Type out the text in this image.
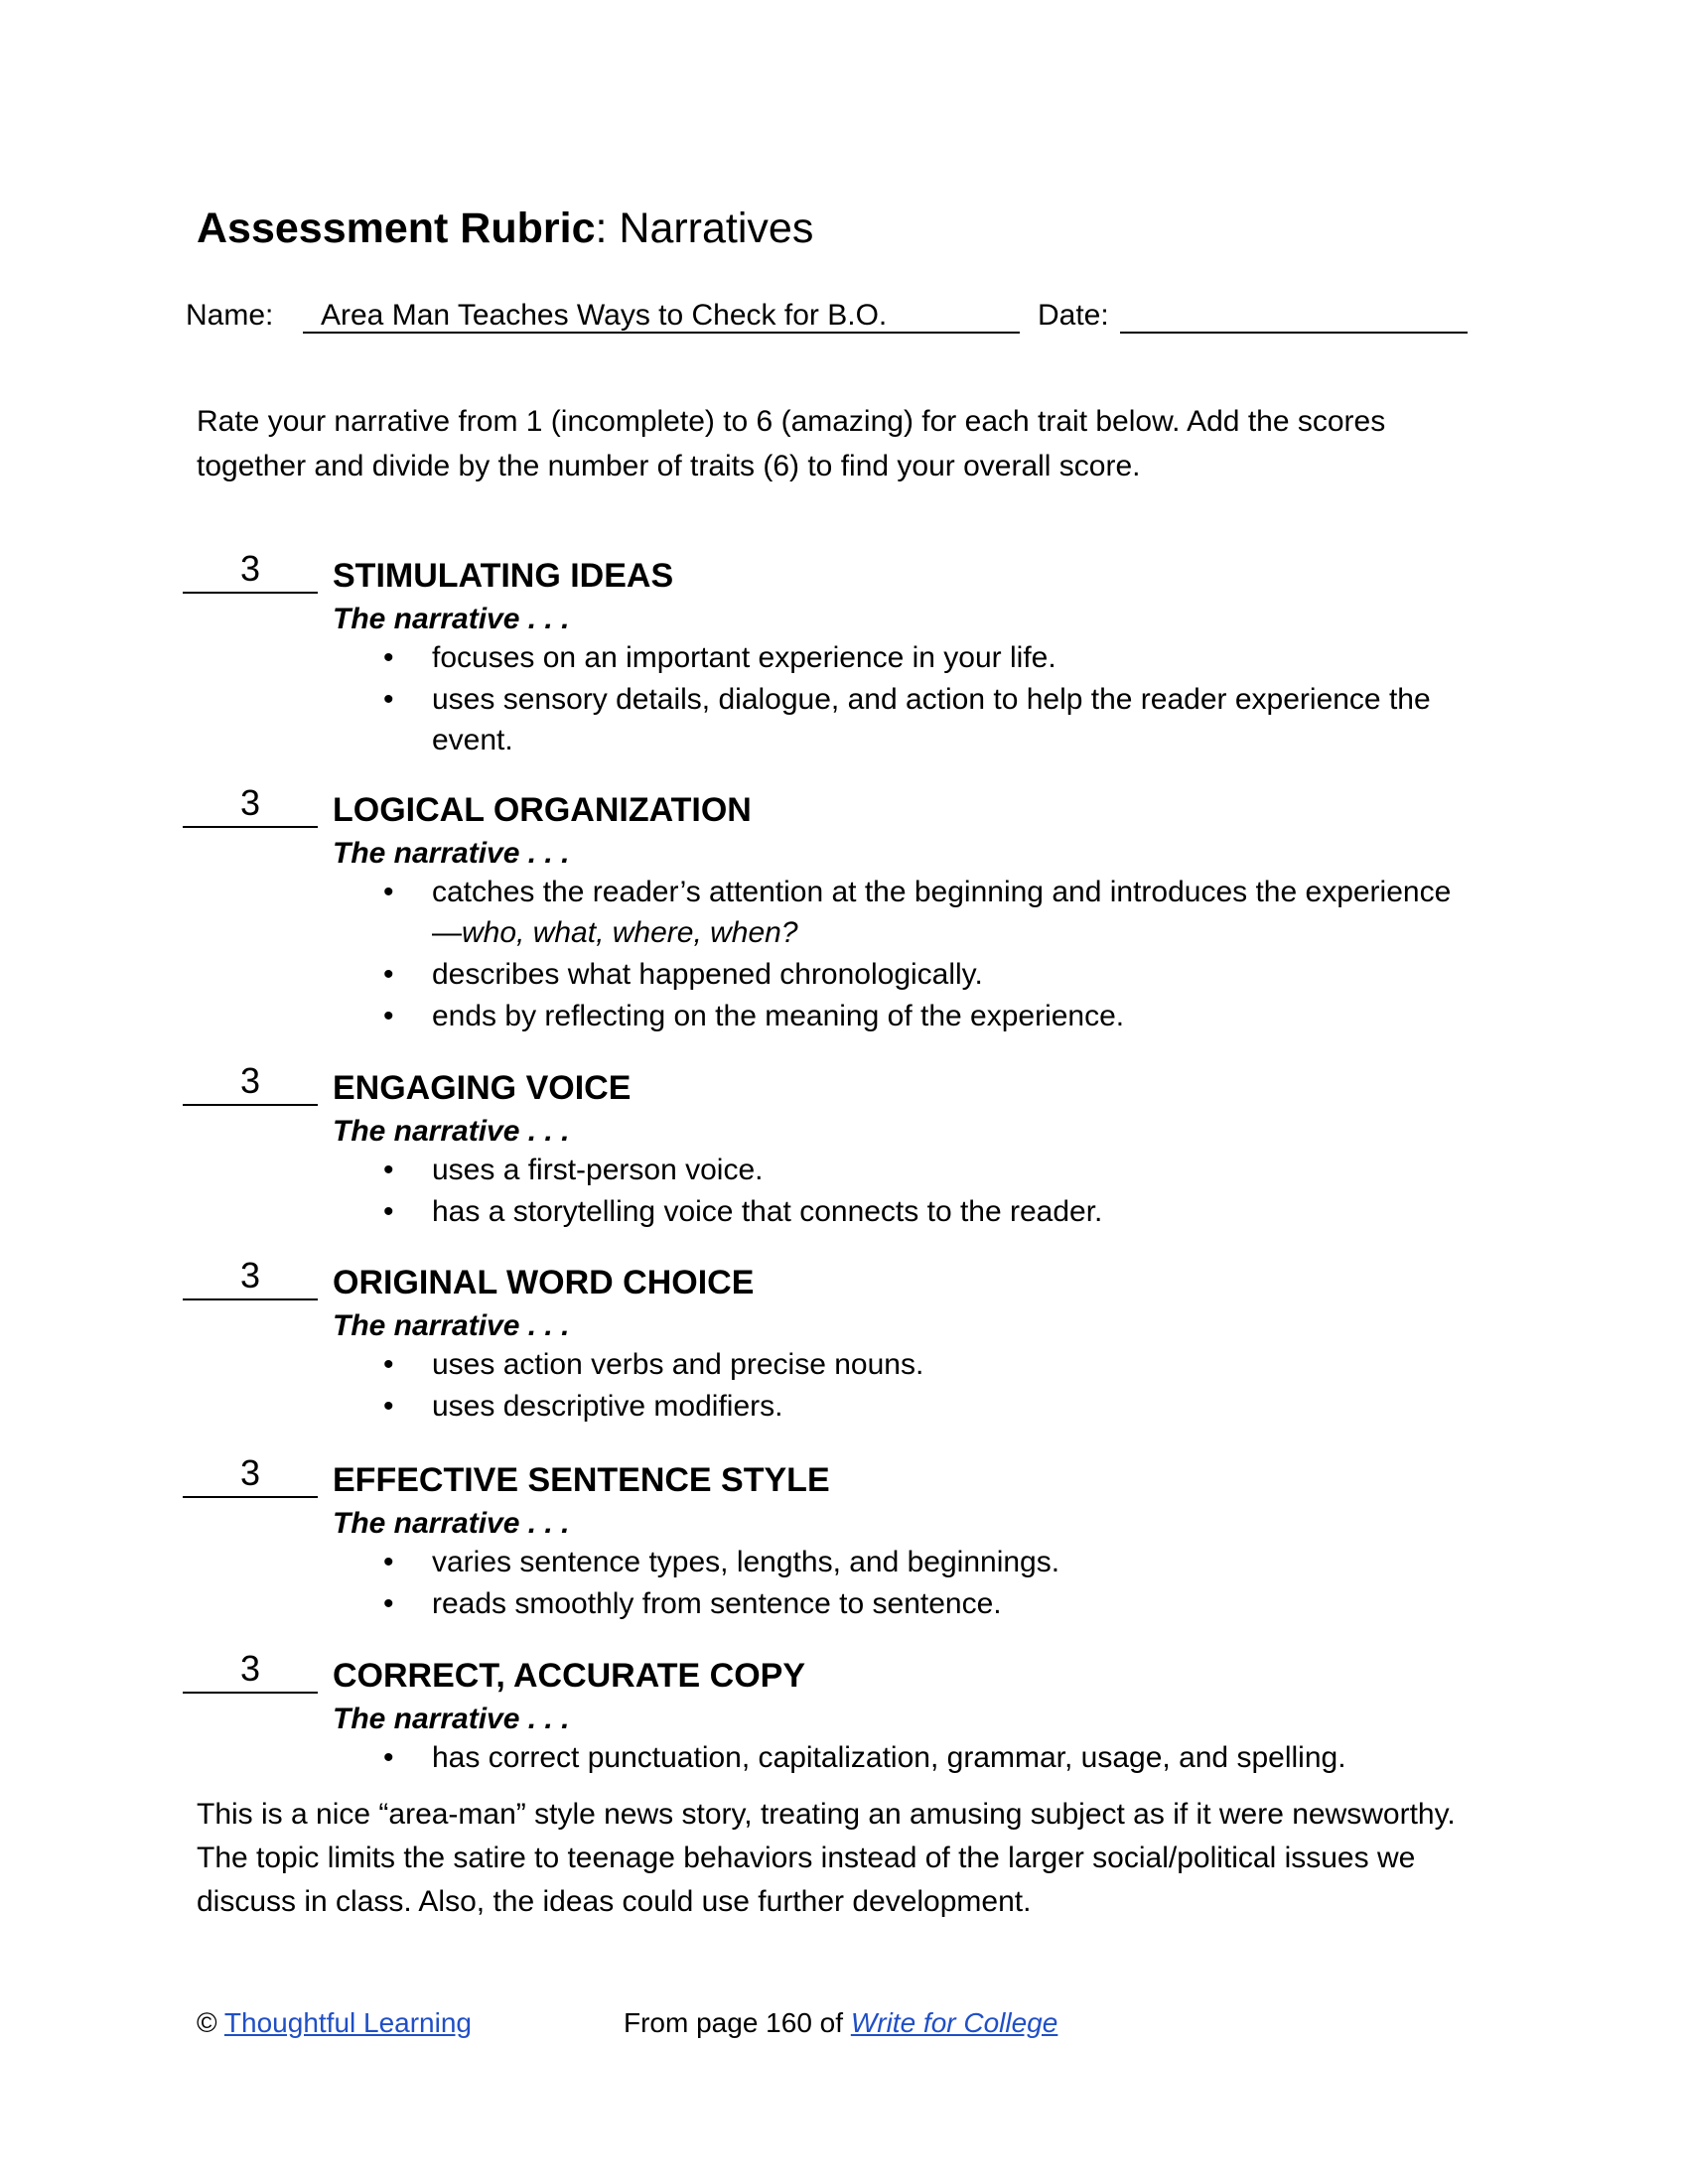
Assessment Rubric: Narratives
Name:	Area Man Teaches Ways to Check for B.O.	Date:
Rate your narrative from 1 (incomplete) to 6 (amazing) for each trait below. Add the scores together and divide by the number of traits (6) to find your overall score.
3	STIMULATING IDEAS
The narrative . . .
•
focuses on an important experience in your life.
•
uses sensory details, dialogue, and action to help the reader experience the event.
3	LOGICAL ORGANIZATION
The narrative . . .
•
catches the reader’s attention at the beginning and introduces the experience—who, what, where, when?
•
describes what happened chronologically.
•
ends by reflecting on the meaning of the experience.
3	ENGAGING VOICE
The narrative . . .
•
uses a first-person voice.
•
has a storytelling voice that connects to the reader.
3	ORIGINAL WORD CHOICE
The narrative . . .
•
uses action verbs and precise nouns.
•
uses descriptive modifiers.
3	EFFECTIVE SENTENCE STYLE
The narrative . . .
•
varies sentence types, lengths, and beginnings.
•
reads smoothly from sentence to sentence.
3	CORRECT, ACCURATE COPY
The narrative . . .
•
has correct punctuation, capitalization, grammar, usage, and spelling.
This is a nice “area-man” style news story, treating an amusing subject as if it were newsworthy. The topic limits the satire to teenage behaviors instead of the larger social/political issues we discuss in class. Also, the ideas could use further development.
© Thoughtful Learning	From page 160 of Write for College
